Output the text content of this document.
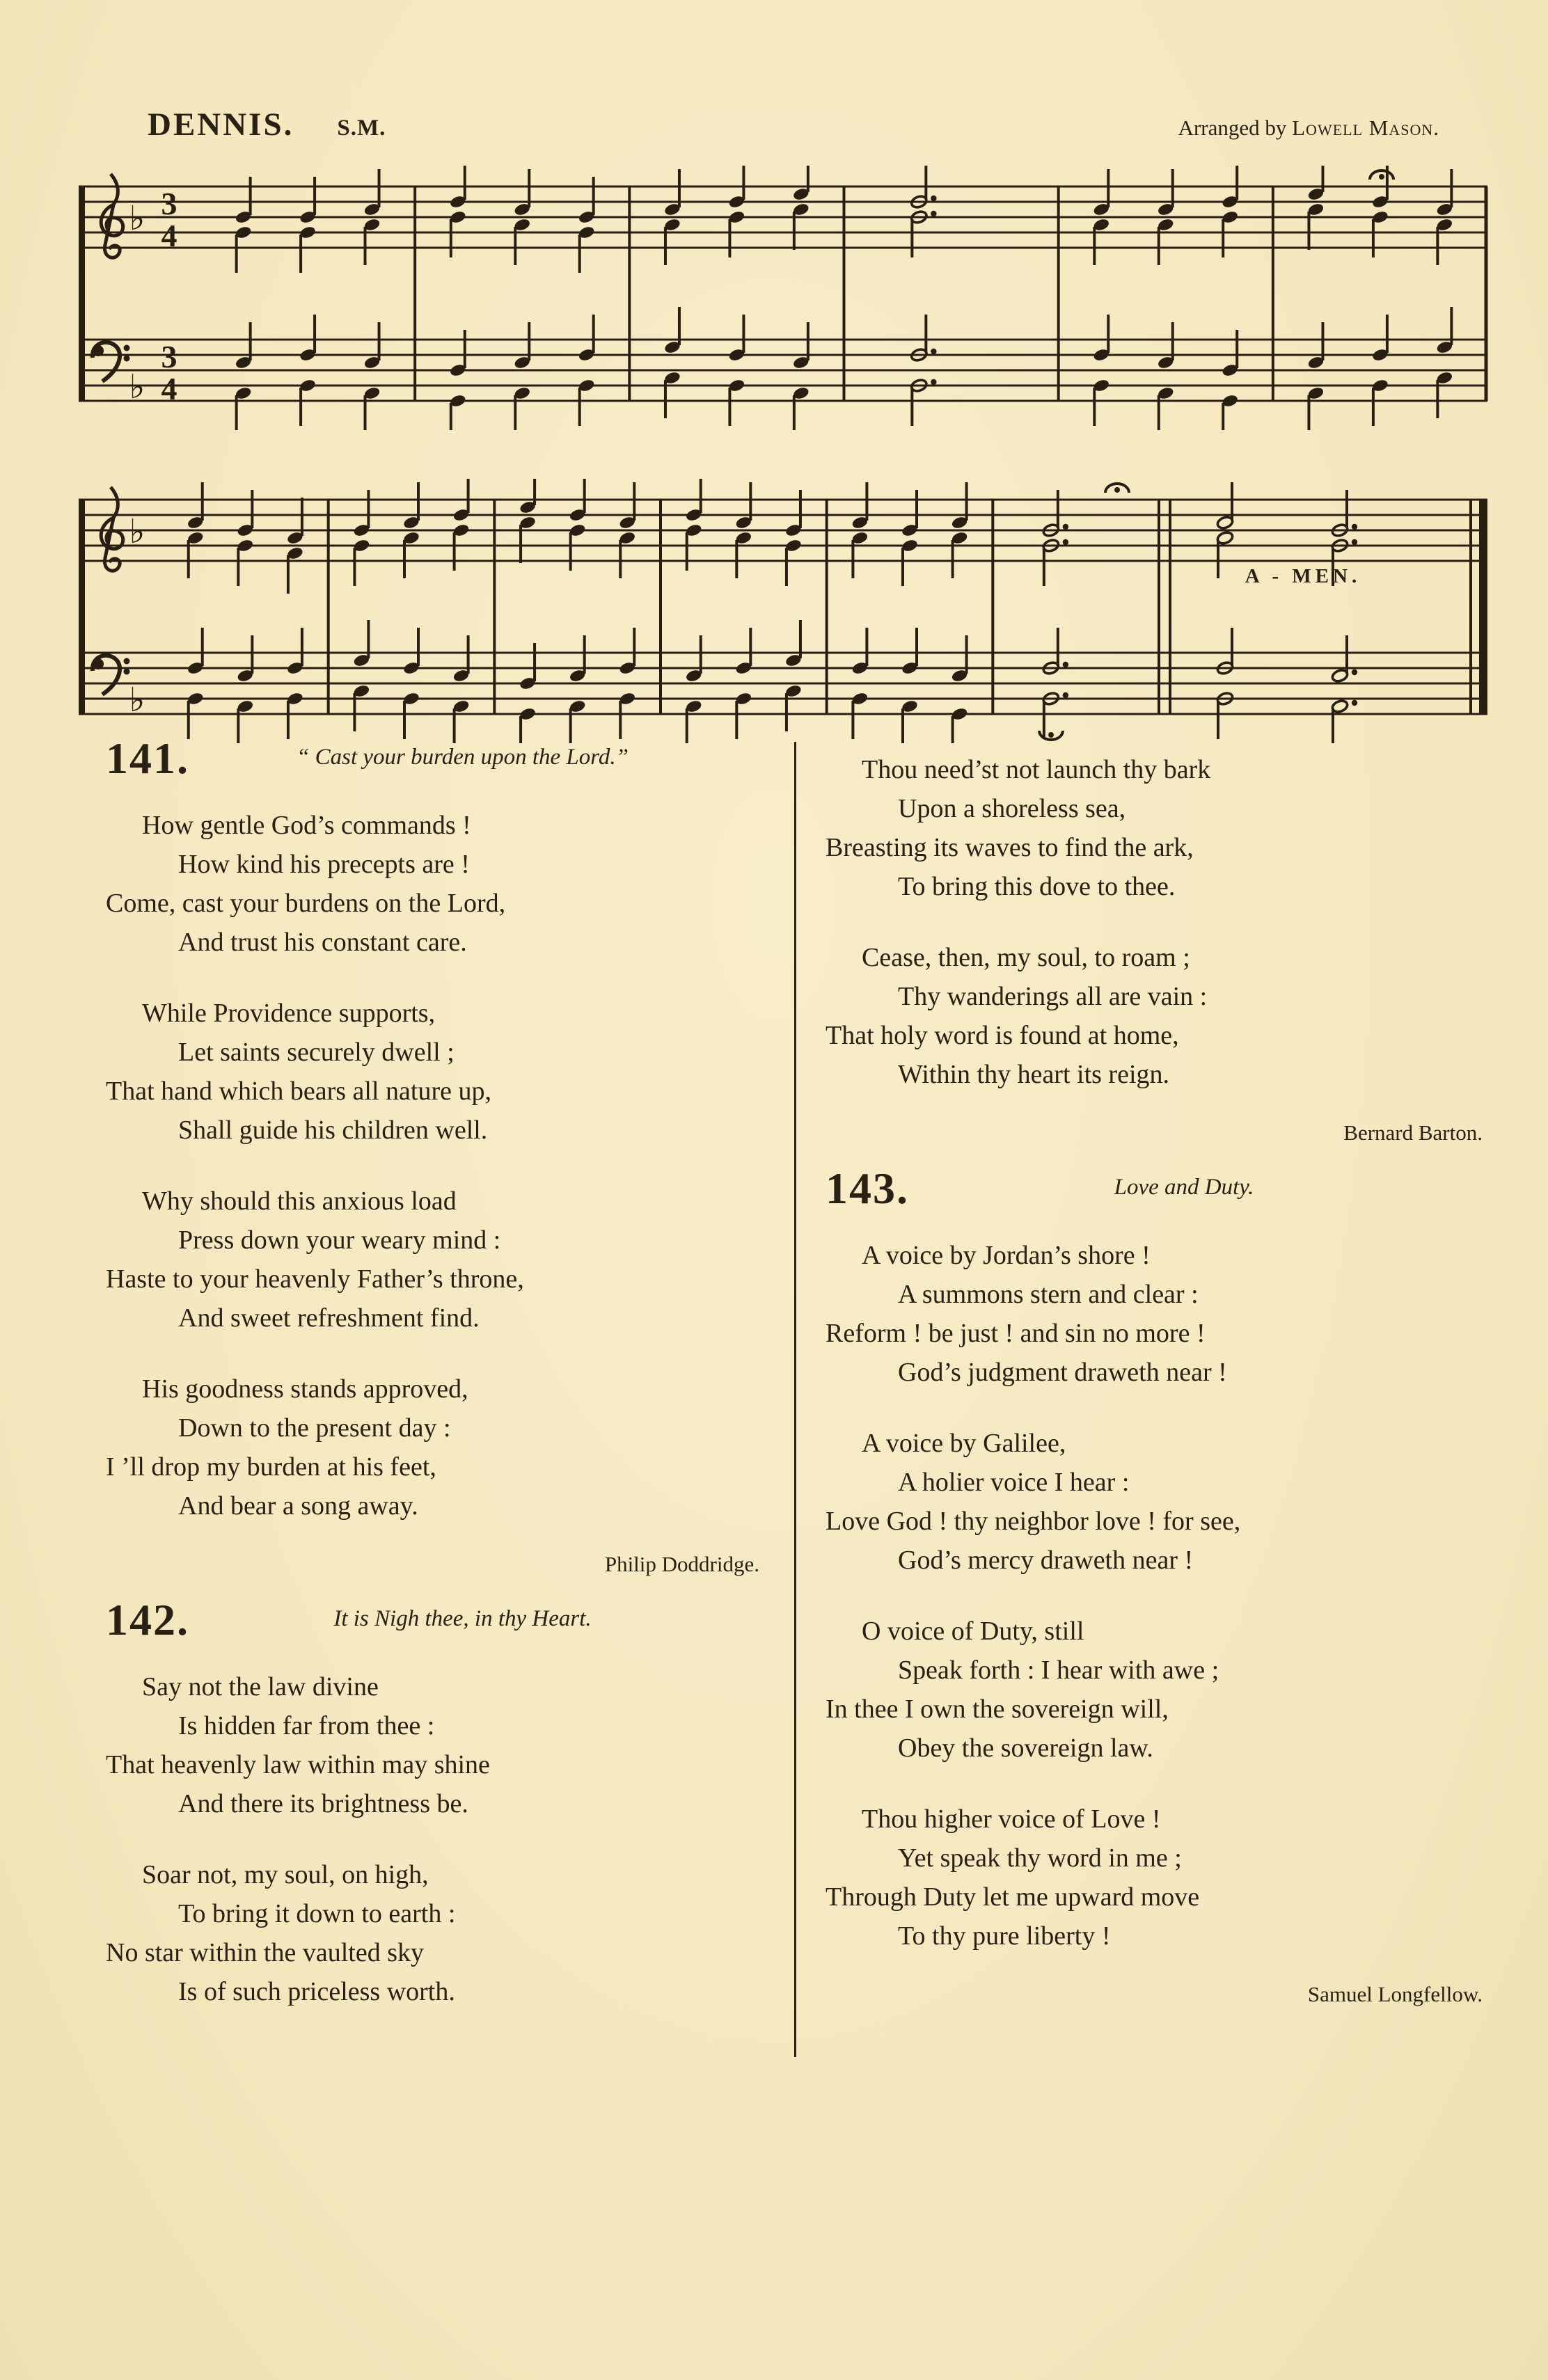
DENNIS. S.M.	Arranged by Lowell Mason.
♭
♭
3
4
3
4
♭
♭
A - MEN.
141.	“ Cast your burden upon the Lord.”
How gentle God’s commands !
How kind his precepts are !
Come, cast your burdens on the Lord,
And trust his constant care.
While Providence supports,
Let saints securely dwell ;
That hand which bears all nature up,
Shall guide his children well.
Why should this anxious load
Press down your weary mind :
Haste to your heavenly Father’s throne,
And sweet refreshment find.
His goodness stands approved,
Down to the present day :
I ’ll drop my burden at his feet,
And bear a song away.
Philip Doddridge.
142.	It is Nigh thee, in thy Heart.
Say not the law divine
Is hidden far from thee :
That heavenly law within may shine
And there its brightness be.
Soar not, my soul, on high,
To bring it down to earth :
No star within the vaulted sky
Is of such priceless worth.
Thou need’st not launch thy bark
Upon a shoreless sea,
Breasting its waves to find the ark,
To bring this dove to thee.
Cease, then, my soul, to roam ;
Thy wanderings all are vain :
That holy word is found at home,
Within thy heart its reign.
Bernard Barton.
143.	Love and Duty.
A voice by Jordan’s shore !
A summons stern and clear :
Reform ! be just ! and sin no more !
God’s judgment draweth near !
A voice by Galilee,
A holier voice I hear :
Love God ! thy neighbor love ! for see,
God’s mercy draweth near !
O voice of Duty, still
Speak forth : I hear with awe ;
In thee I own the sovereign will,
Obey the sovereign law.
Thou higher voice of Love !
Yet speak thy word in me ;
Through Duty let me upward move
To thy pure liberty !
Samuel Longfellow.
